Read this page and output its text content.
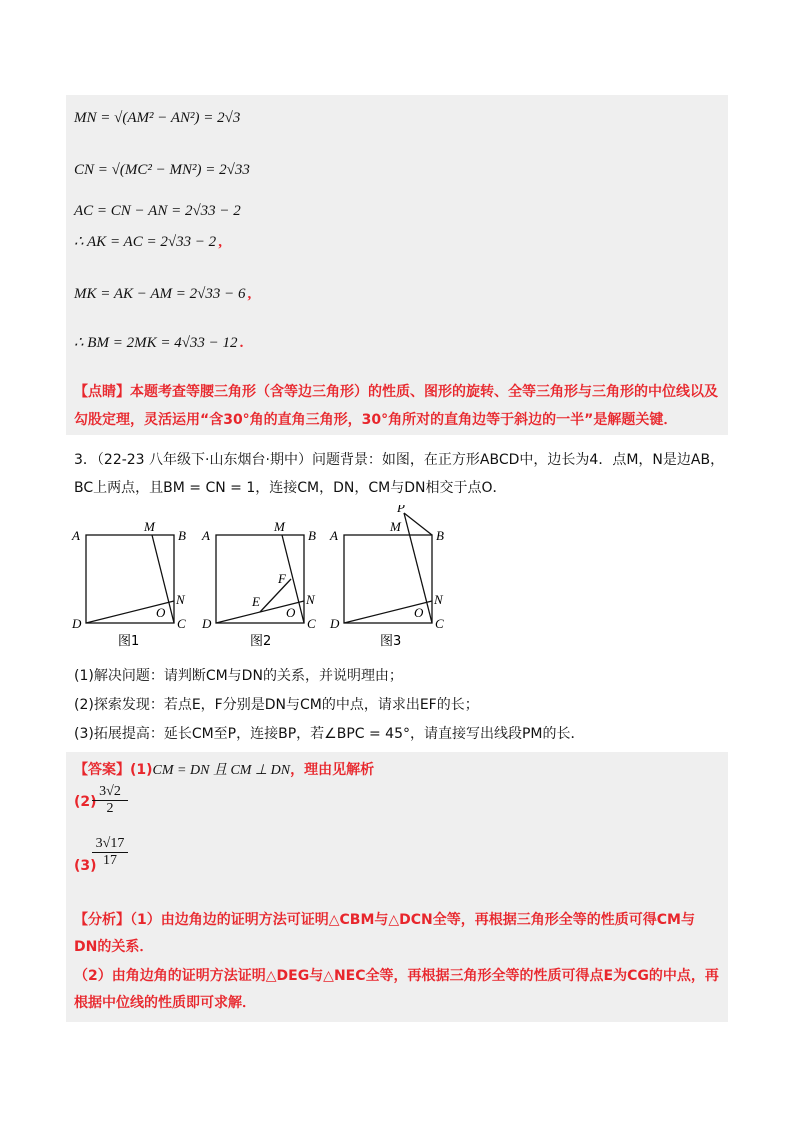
MN = √(AM² − AN²) = 2√3
CN = √(MC² − MN²) = 2√33
AC = CN − AN = 2√33 − 2
∴ AK = AC = 2√33 − 2 ,
MK = AK − AM = 2√33 − 6 ,
∴ BM = 2MK = 4√33 − 12 .
【点睛】本题考查等腰三角形（含等边三角形）的性质、图形的旋转、全等三角形与三角形的中位线以及
勾股定理，灵活运用“含30°角的直角三角形，30°角所对的直角边等于斜边的一半”是解题关键．
3．（22-23 八年级下·山东烟台·期中）问题背景：如图，在正方形ABCD中，边长为4．点M，N是边AB，
BC上两点，且BM = CN = 1，连接CM，DN，CM与DN相交于点O．
A	B
M
N
O
D	C
图1
A	B
M
F
E	N
O
D	C
图2
P
M
A	B
N
O
D	C
图3
(1)解决问题：请判断CM与DN的关系，并说明理由；
(2)探索发现：若点E，F分别是DN与CM的中点，请求出EF的长；
(3)拓展提高：延长CM至P，连接BP，若∠BPC = 45°，请直接写出线段PM的长．
【答案】(1)CM = DN 且 CM ⊥ DN，理由见解析
(2)
$\frac{3√2}{2}$
(3)
$\frac{3√17}{17}$
【分析】（1）由边角边的证明方法可证明△CBM与△DCN全等，再根据三角形全等的性质可得CM与
DN的关系．
（2）由角边角的证明方法证明△DEG与△NEC全等，再根据三角形全等的性质可得点E为CG的中点，再
根据中位线的性质即可求解．
